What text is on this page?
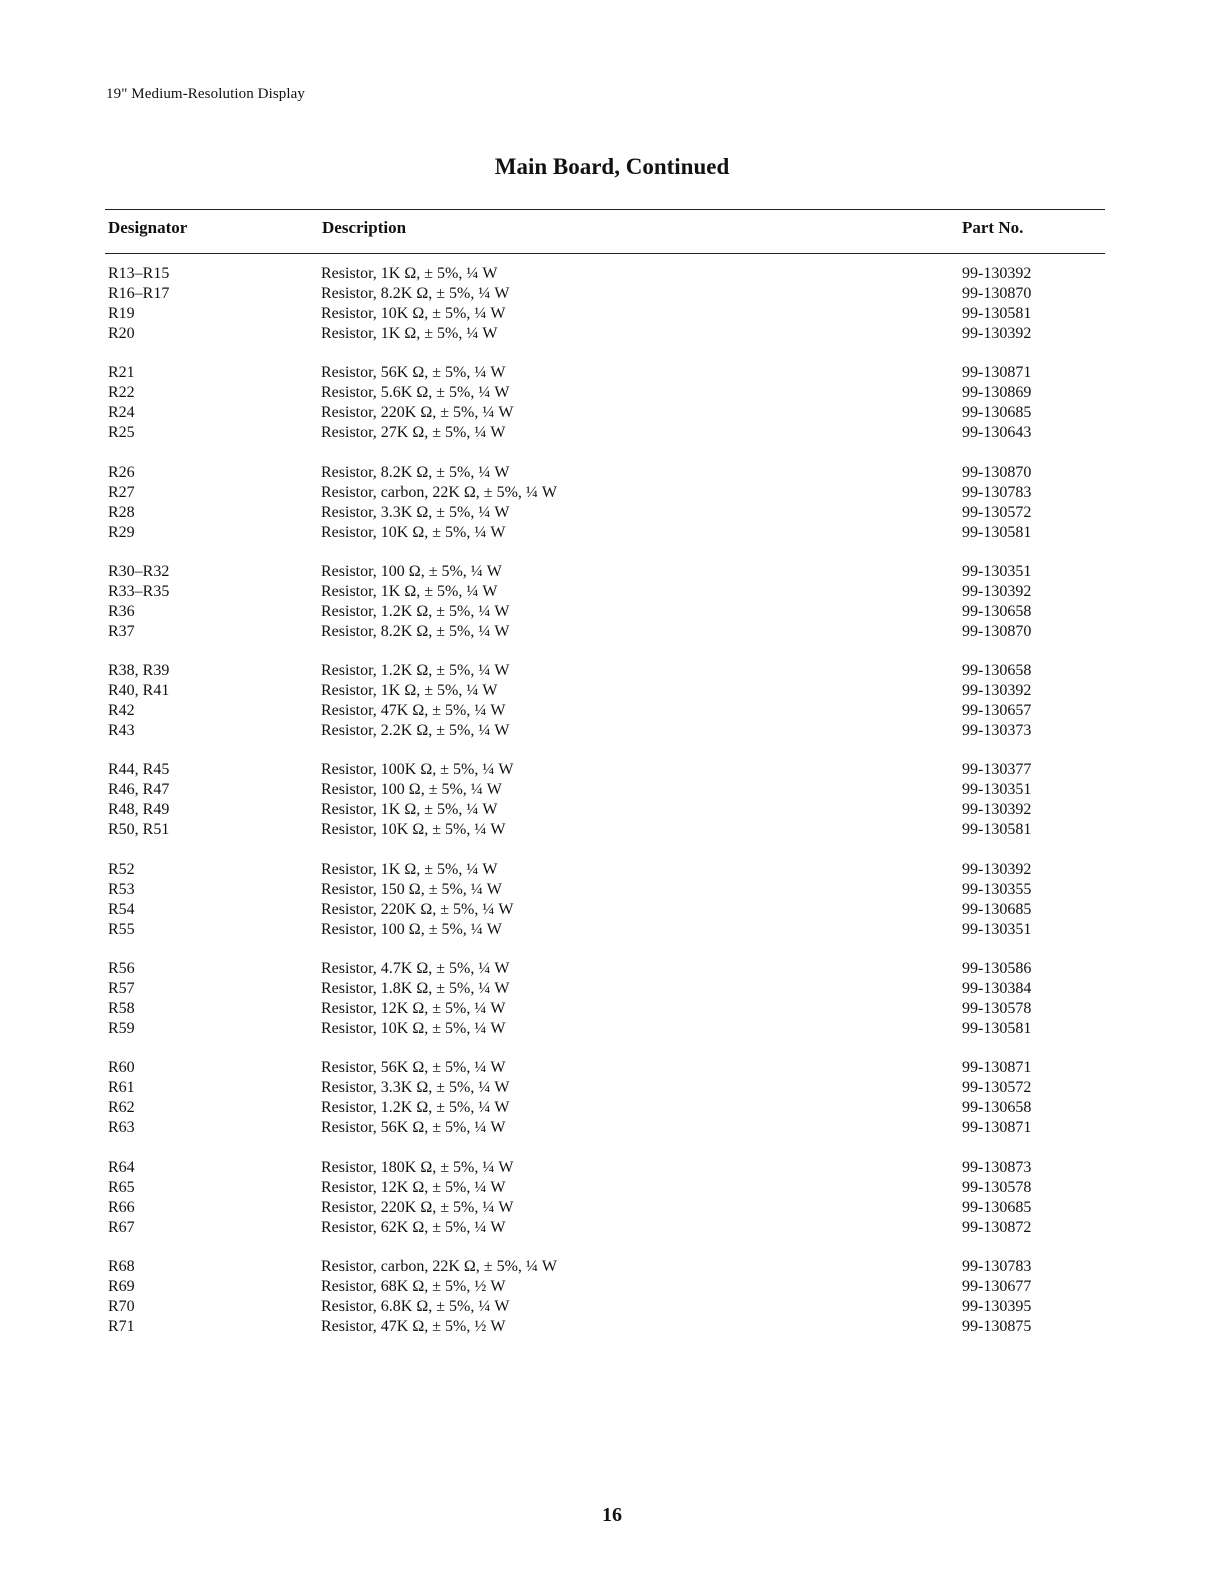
19" Medium-Resolution Display
Main Board, Continued
Designator	Description	Part No.
R13–R15	Resistor, 1K Ω, ± 5%, ¼ W	99-130392
R16–R17	Resistor, 8.2K Ω, ± 5%, ¼ W	99-130870
R19	Resistor, 10K Ω, ± 5%, ¼ W	99-130581
R20	Resistor, 1K Ω, ± 5%, ¼ W	99-130392
R21	Resistor, 56K Ω, ± 5%, ¼ W	99-130871
R22	Resistor, 5.6K Ω, ± 5%, ¼ W	99-130869
R24	Resistor, 220K Ω, ± 5%, ¼ W	99-130685
R25	Resistor, 27K Ω, ± 5%, ¼ W	99-130643
R26	Resistor, 8.2K Ω, ± 5%, ¼ W	99-130870
R27	Resistor, carbon, 22K Ω, ± 5%, ¼ W	99-130783
R28	Resistor, 3.3K Ω, ± 5%, ¼ W	99-130572
R29	Resistor, 10K Ω, ± 5%, ¼ W	99-130581
R30–R32	Resistor, 100 Ω, ± 5%, ¼ W	99-130351
R33–R35	Resistor, 1K Ω, ± 5%, ¼ W	99-130392
R36	Resistor, 1.2K Ω, ± 5%, ¼ W	99-130658
R37	Resistor, 8.2K Ω, ± 5%, ¼ W	99-130870
R38, R39	Resistor, 1.2K Ω, ± 5%, ¼ W	99-130658
R40, R41	Resistor, 1K Ω, ± 5%, ¼ W	99-130392
R42	Resistor, 47K Ω, ± 5%, ¼ W	99-130657
R43	Resistor, 2.2K Ω, ± 5%, ¼ W	99-130373
R44, R45	Resistor, 100K Ω, ± 5%, ¼ W	99-130377
R46, R47	Resistor, 100 Ω, ± 5%, ¼ W	99-130351
R48, R49	Resistor, 1K Ω, ± 5%, ¼ W	99-130392
R50, R51	Resistor, 10K Ω, ± 5%, ¼ W	99-130581
R52	Resistor, 1K Ω, ± 5%, ¼ W	99-130392
R53	Resistor, 150 Ω, ± 5%, ¼ W	99-130355
R54	Resistor, 220K Ω, ± 5%, ¼ W	99-130685
R55	Resistor, 100 Ω, ± 5%, ¼ W	99-130351
R56	Resistor, 4.7K Ω, ± 5%, ¼ W	99-130586
R57	Resistor, 1.8K Ω, ± 5%, ¼ W	99-130384
R58	Resistor, 12K Ω, ± 5%, ¼ W	99-130578
R59	Resistor, 10K Ω, ± 5%, ¼ W	99-130581
R60	Resistor, 56K Ω, ± 5%, ¼ W	99-130871
R61	Resistor, 3.3K Ω, ± 5%, ¼ W	99-130572
R62	Resistor, 1.2K Ω, ± 5%, ¼ W	99-130658
R63	Resistor, 56K Ω, ± 5%, ¼ W	99-130871
R64	Resistor, 180K Ω, ± 5%, ¼ W	99-130873
R65	Resistor, 12K Ω, ± 5%, ¼ W	99-130578
R66	Resistor, 220K Ω, ± 5%, ¼ W	99-130685
R67	Resistor, 62K Ω, ± 5%, ¼ W	99-130872
R68	Resistor, carbon, 22K Ω, ± 5%, ¼ W	99-130783
R69	Resistor, 68K Ω, ± 5%, ½ W	99-130677
R70	Resistor, 6.8K Ω, ± 5%, ¼ W	99-130395
R71	Resistor, 47K Ω, ± 5%, ½ W	99-130875
16
